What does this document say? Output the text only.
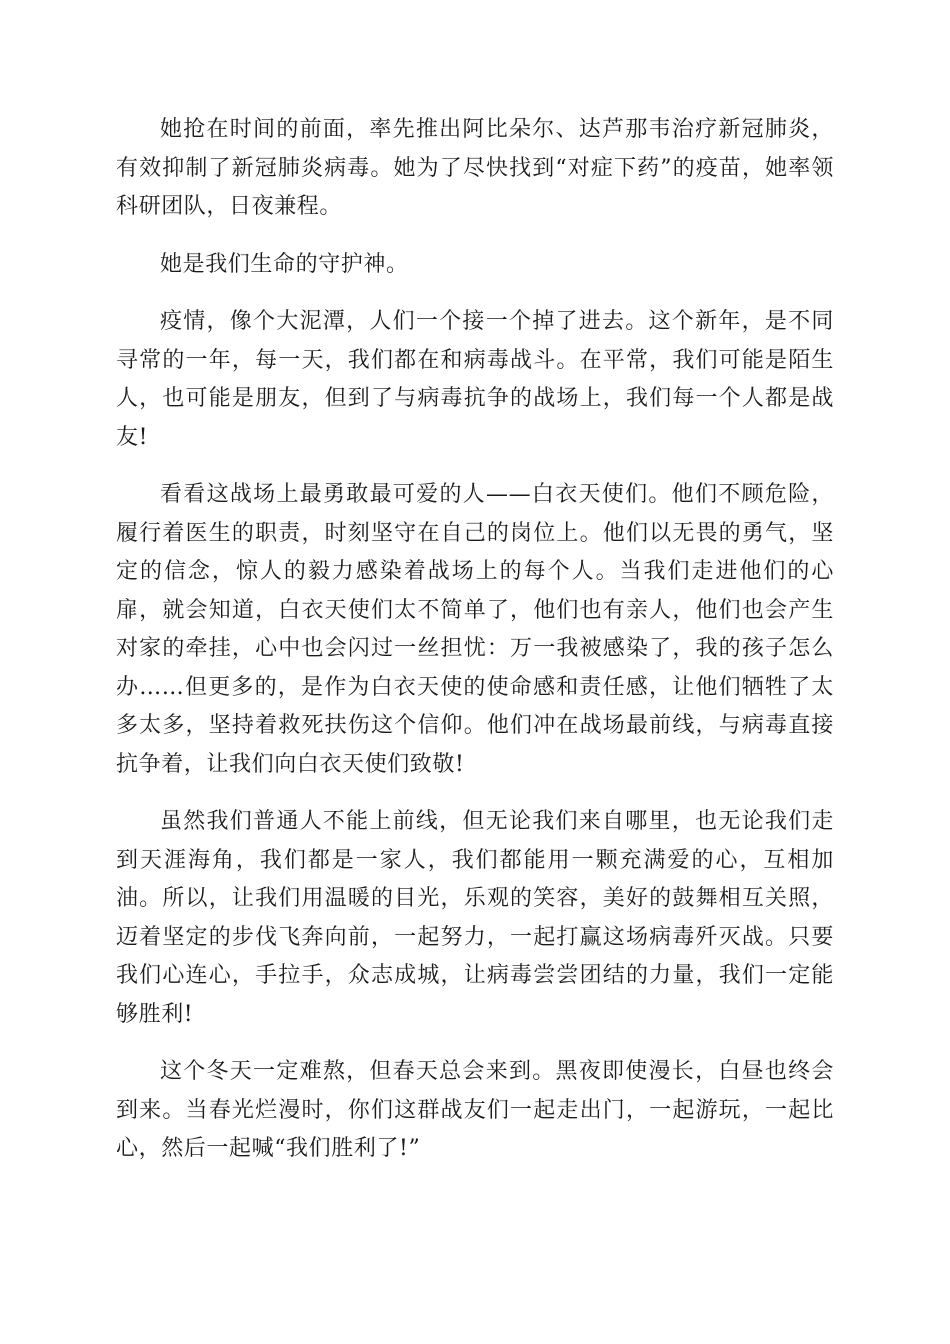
她抢在时间的前面，率先推出阿比朵尔、达芦那韦治疗新冠肺炎，有效抑制了新冠肺炎病毒。她为了尽快找到“对症下药”的疫苗，她率领科研团队，日夜兼程。

她是我们生命的守护神。

疫情，像个大泥潭，人们一个接一个掉了进去。这个新年，是不同寻常的一年，每一天，我们都在和病毒战斗。在平常，我们可能是陌生人，也可能是朋友，但到了与病毒抗争的战场上，我们每一个人都是战友!

看看这战场上最勇敢最可爱的人——白衣天使们。他们不顾危险，履行着医生的职责，时刻坚守在自己的岗位上。他们以无畏的勇气，坚定的信念，惊人的毅力感染着战场上的每个人。当我们走进他们的心扉，就会知道，白衣天使们太不简单了，他们也有亲人，他们也会产生对家的牵挂，心中也会闪过一丝担忧：万一我被感染了，我的孩子怎么办……但更多的，是作为白衣天使的使命感和责任感，让他们牺牲了太多太多，坚持着救死扶伤这个信仰。他们冲在战场最前线，与病毒直接抗争着，让我们向白衣天使们致敬!

虽然我们普通人不能上前线，但无论我们来自哪里，也无论我们走到天涯海角，我们都是一家人，我们都能用一颗充满爱的心，互相加油。所以，让我们用温暖的目光，乐观的笑容，美好的鼓舞相互关照，迈着坚定的步伐飞奔向前，一起努力，一起打赢这场病毒歼灭战。只要我们心连心，手拉手，众志成城，让病毒尝尝团结的力量，我们一定能够胜利!

这个冬天一定难熬，但春天总会来到。黑夜即使漫长，白昼也终会到来。当春光烂漫时，你们这群战友们一起走出门，一起游玩，一起比心，然后一起喊“我们胜利了!”
